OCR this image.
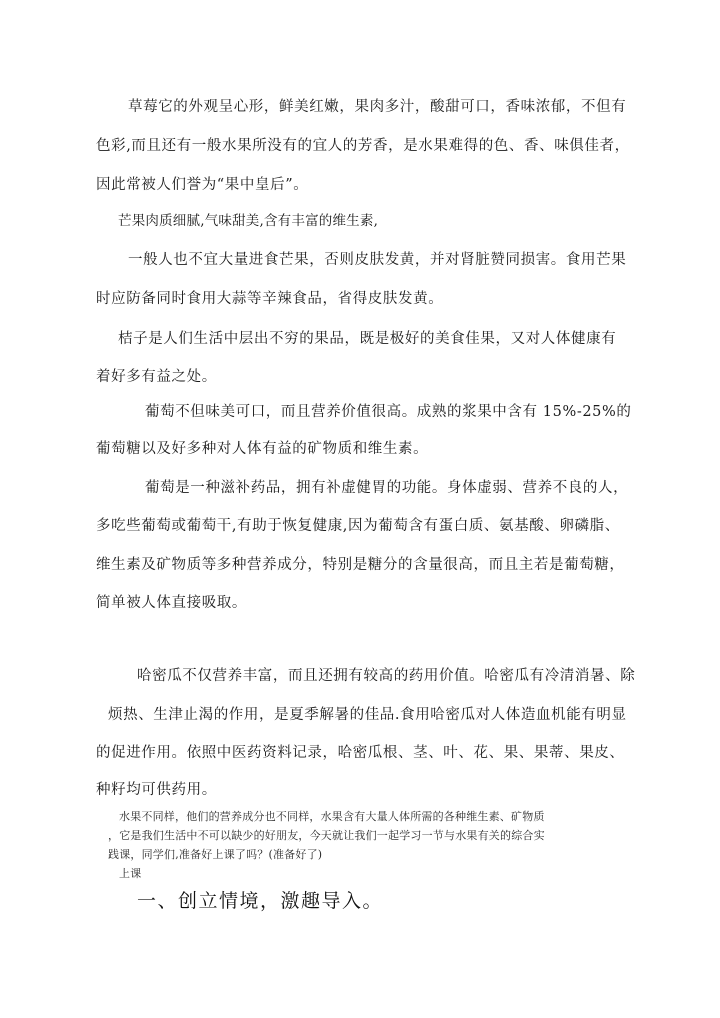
草莓它的外观呈心形，鲜美红嫩，果肉多汁，酸甜可口，香味浓郁，不但有
色彩,而且还有一般水果所没有的宜人的芳香，是水果难得的色、香、味俱佳者，
因此常被人们誉为“果中皇后”。
芒果肉质细腻,气味甜美,含有丰富的维生素,
一般人也不宜大量进食芒果，否则皮肤发黄，并对肾脏赞同损害。食用芒果
时应防备同时食用大蒜等辛辣食品，省得皮肤发黄。
桔子是人们生活中层出不穷的果品，既是极好的美食佳果，又对人体健康有
着好多有益之处。
葡萄不但味美可口，而且营养价值很高。成熟的浆果中含有 15%-25%的
葡萄糖以及好多种对人体有益的矿物质和维生素。
葡萄是一种滋补药品，拥有补虚健胃的功能。身体虚弱、营养不良的人，
多吃些葡萄或葡萄干,有助于恢复健康,因为葡萄含有蛋白质、氨基酸、卵磷脂、
维生素及矿物质等多种营养成分，特别是糖分的含量很高，而且主若是葡萄糖，
简单被人体直接吸取。
哈密瓜不仅营养丰富，而且还拥有较高的药用价值。哈密瓜有冷清消暑、除
烦热、生津止渴的作用，是夏季解暑的佳品.食用哈密瓜对人体造血机能有明显
的促进作用。依照中医药资料记录，哈密瓜根、茎、叶、花、果、果蒂、果皮、
种籽均可供药用。
水果不同样，他们的营养成分也不同样，水果含有大量人体所需的各种维生素、矿物质
，它是我们生活中不可以缺少的好朋友，今天就让我们一起学习一节与水果有关的综合实
践课，同学们,准备好上课了吗？(准备好了)
上课
一、创立情境，激趣导入。
